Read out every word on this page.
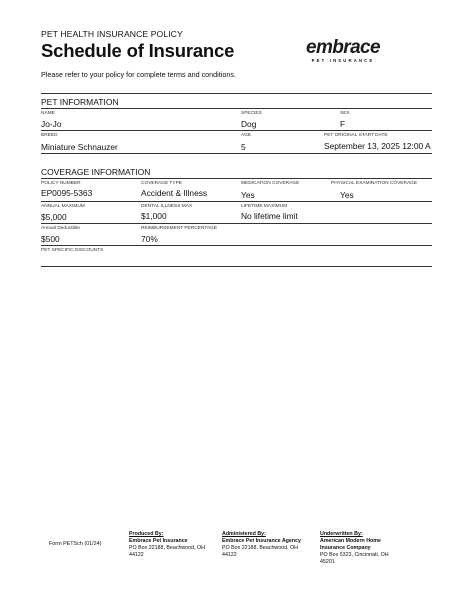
PET HEALTH INSURANCE POLICY
Schedule of Insurance
Please refer to your policy for complete terms and conditions.
embrace
PET INSURANCE
PET INFORMATION
NAME
Jo-Jo
SPECIES
Dog
SEX
F
BREED
Miniature Schnauzer
AGE
5
PET ORIGINAL START DATE
September 13, 2025 12:00 A
COVERAGE INFORMATION
POLICY NUMBER
EP0095-5363
COVERAGE TYPE
Accident & Illness
MEDICATION COVERAGE
Yes
PHYSICAL EXAMINATION COVERAGE
Yes
ANNUAL MAXIMUM
$5,000
DENTAL ILLNESS MAX
$1,000
LIFETIME MAXIMUM
No lifetime limit
Annual Deductible
$500
REIMBURSEMENT PERCENTAGE
70%
PET SPECIFIC DISCOUNTS
Form PETSch (01/24)
Produced By:
Embrace Pet Insurance
PO Box 22188, Beachwood, OH
44122
Administered By:
Embrace Pet Insurance Agency
PO Box 22188, Beachwood, OH
44122
Underwritten By:
American Modern Home
Insurance Company
PO Box 5323, Cincinnati, OH
45201
